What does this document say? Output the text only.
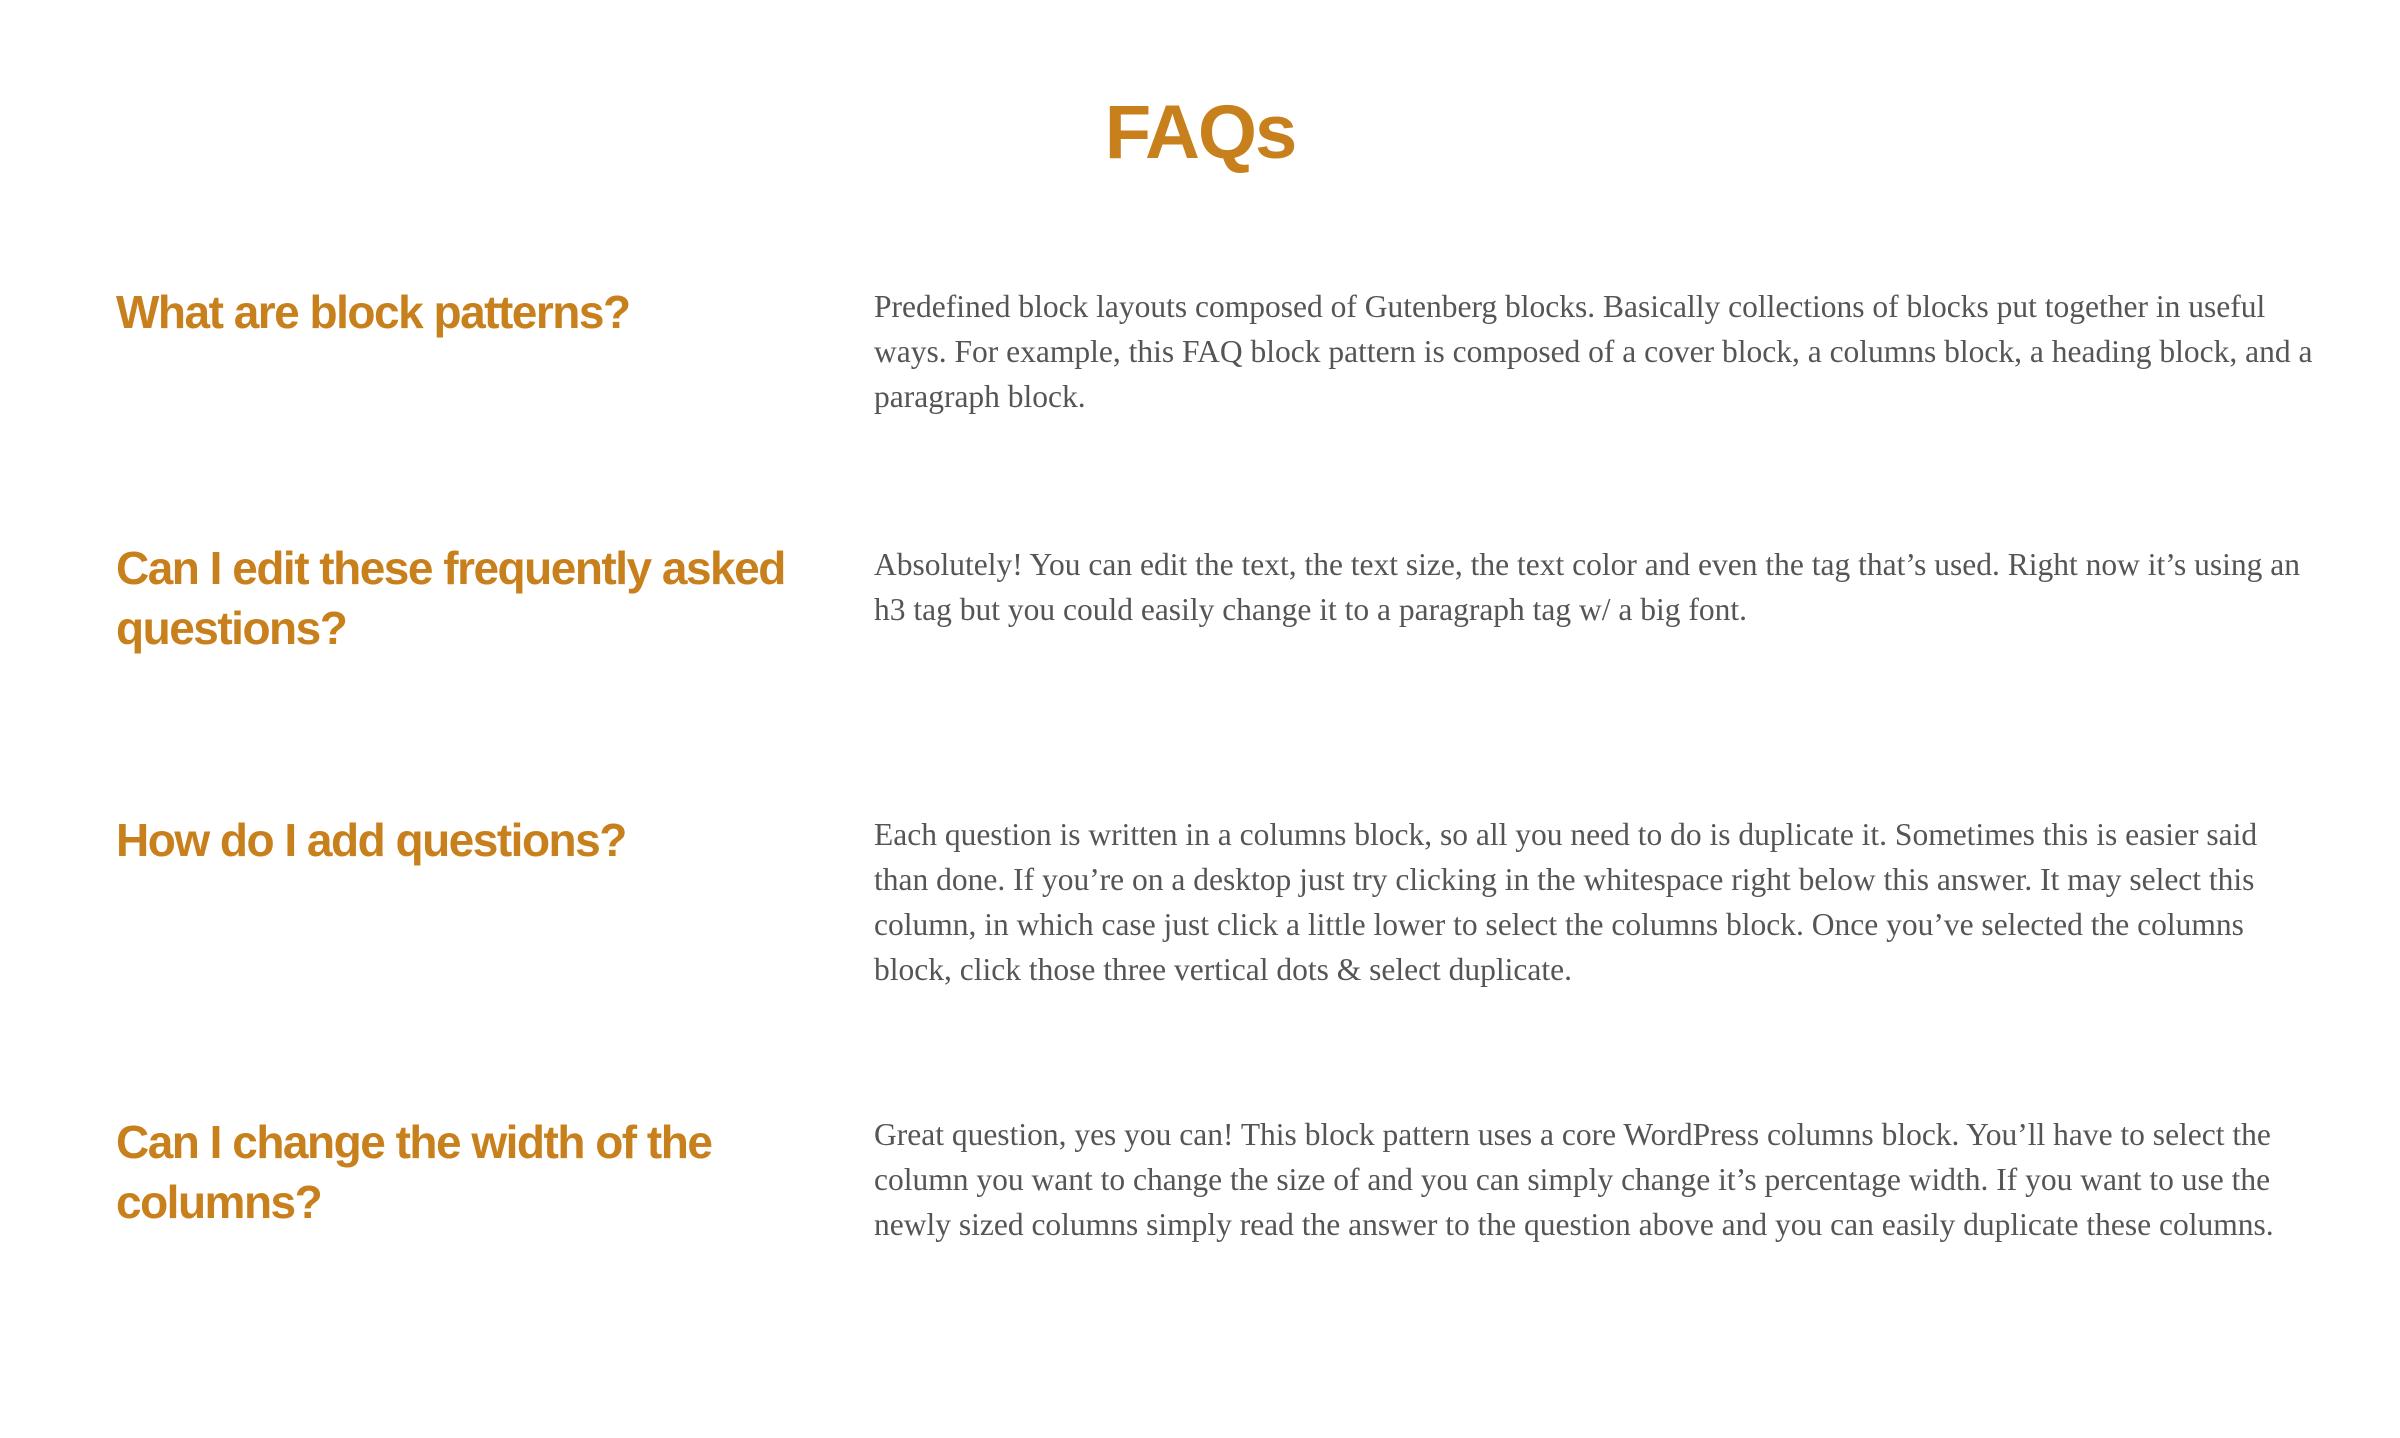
FAQs
What are block patterns?	Predefined block layouts composed of Gutenberg blocks. Basically collections of blocks put together in useful ways. For example, this FAQ block pattern is composed of a cover block, a columns block, a heading block, and a paragraph block.

Can I edit these frequently asked questions?

Absolutely! You can edit the text, the text size, the text color and even the tag that’s used. Right now it’s using an h3 tag but you could easily change it to a paragraph tag w/ a big font.

How do I add questions?	Each question is written in a columns block, so all you need to do is duplicate it. Sometimes this is easier said than done. If you’re on a desktop just try clicking in the whitespace right below this answer. It may select this column, in which case just click a little lower to select the columns block. Once you’ve selected the columns block, click those three vertical dots & select duplicate.

Can I change the width of the columns?

Great question, yes you can! This block pattern uses a core WordPress columns block. You’ll have to select the column you want to change the size of and you can simply change it’s percentage width. If you want to use the newly sized columns simply read the answer to the question above and you can easily duplicate these columns.
